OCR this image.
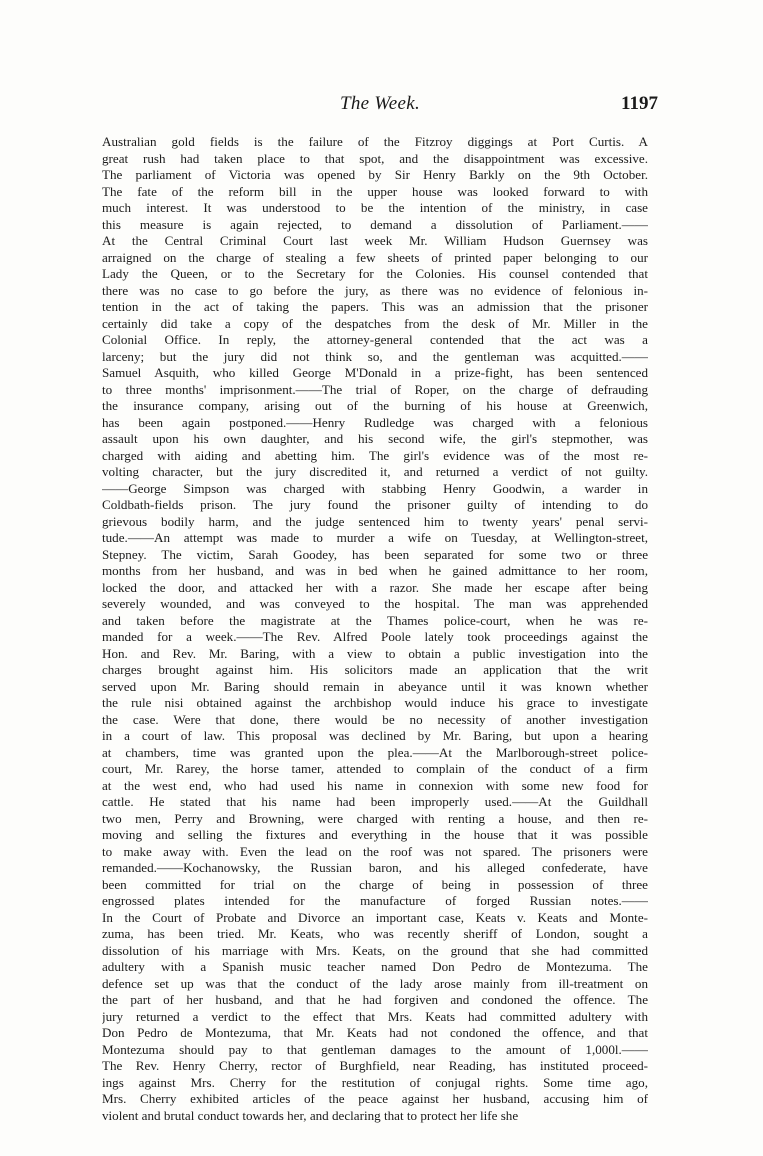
The Week.	1197
Australian gold fields is the failure of the Fitzroy diggings at Port Curtis. A
great rush had taken place to that spot, and the disappointment was excessive.
The parliament of Victoria was opened by Sir Henry Barkly on the 9th October.
The fate of the reform bill in the upper house was looked forward to with
much interest. It was understood to be the intention of the ministry, in case
this measure is again rejected, to demand a dissolution of Parliament.——
At the Central Criminal Court last week Mr. William Hudson Guernsey was
arraigned on the charge of stealing a few sheets of printed paper belonging to our
Lady the Queen, or to the Secretary for the Colonies. His counsel contended that
there was no case to go before the jury, as there was no evidence of felonious in-
tention in the act of taking the papers. This was an admission that the prisoner
certainly did take a copy of the despatches from the desk of Mr. Miller in the
Colonial Office. In reply, the attorney-general contended that the act was a
larceny; but the jury did not think so, and the gentleman was acquitted.——
Samuel Asquith, who killed George M'Donald in a prize-fight, has been sentenced
to three months' imprisonment.——The trial of Roper, on the charge of defrauding
the insurance company, arising out of the burning of his house at Greenwich,
has been again postponed.——Henry Rudledge was charged with a felonious
assault upon his own daughter, and his second wife, the girl's stepmother, was
charged with aiding and abetting him. The girl's evidence was of the most re-
volting character, but the jury discredited it, and returned a verdict of not guilty.
——George Simpson was charged with stabbing Henry Goodwin, a warder in
Coldbath-fields prison. The jury found the prisoner guilty of intending to do
grievous bodily harm, and the judge sentenced him to twenty years' penal servi-
tude.——An attempt was made to murder a wife on Tuesday, at Wellington-street,
Stepney. The victim, Sarah Goodey, has been separated for some two or three
months from her husband, and was in bed when he gained admittance to her room,
locked the door, and attacked her with a razor. She made her escape after being
severely wounded, and was conveyed to the hospital. The man was apprehended
and taken before the magistrate at the Thames police-court, when he was re-
manded for a week.——The Rev. Alfred Poole lately took proceedings against the
Hon. and Rev. Mr. Baring, with a view to obtain a public investigation into the
charges brought against him. His solicitors made an application that the writ
served upon Mr. Baring should remain in abeyance until it was known whether
the rule nisi obtained against the archbishop would induce his grace to investigate
the case. Were that done, there would be no necessity of another investigation
in a court of law. This proposal was declined by Mr. Baring, but upon a hearing
at chambers, time was granted upon the plea.——At the Marlborough-street police-
court, Mr. Rarey, the horse tamer, attended to complain of the conduct of a firm
at the west end, who had used his name in connexion with some new food for
cattle. He stated that his name had been improperly used.——At the Guildhall
two men, Perry and Browning, were charged with renting a house, and then re-
moving and selling the fixtures and everything in the house that it was possible
to make away with. Even the lead on the roof was not spared. The prisoners were
remanded.——Kochanowsky, the Russian baron, and his alleged confederate, have
been committed for trial on the charge of being in possession of three
engrossed plates intended for the manufacture of forged Russian notes.——
In the Court of Probate and Divorce an important case, Keats v. Keats and Monte-
zuma, has been tried. Mr. Keats, who was recently sheriff of London, sought a
dissolution of his marriage with Mrs. Keats, on the ground that she had committed
adultery with a Spanish music teacher named Don Pedro de Montezuma. The
defence set up was that the conduct of the lady arose mainly from ill-treatment on
the part of her husband, and that he had forgiven and condoned the offence. The
jury returned a verdict to the effect that Mrs. Keats had committed adultery with
Don Pedro de Montezuma, that Mr. Keats had not condoned the offence, and that
Montezuma should pay to that gentleman damages to the amount of 1,000l.——
The Rev. Henry Cherry, rector of Burghfield, near Reading, has instituted proceed-
ings against Mrs. Cherry for the restitution of conjugal rights. Some time ago,
Mrs. Cherry exhibited articles of the peace against her husband, accusing him of
violent and brutal conduct towards her, and declaring that to protect her life she
